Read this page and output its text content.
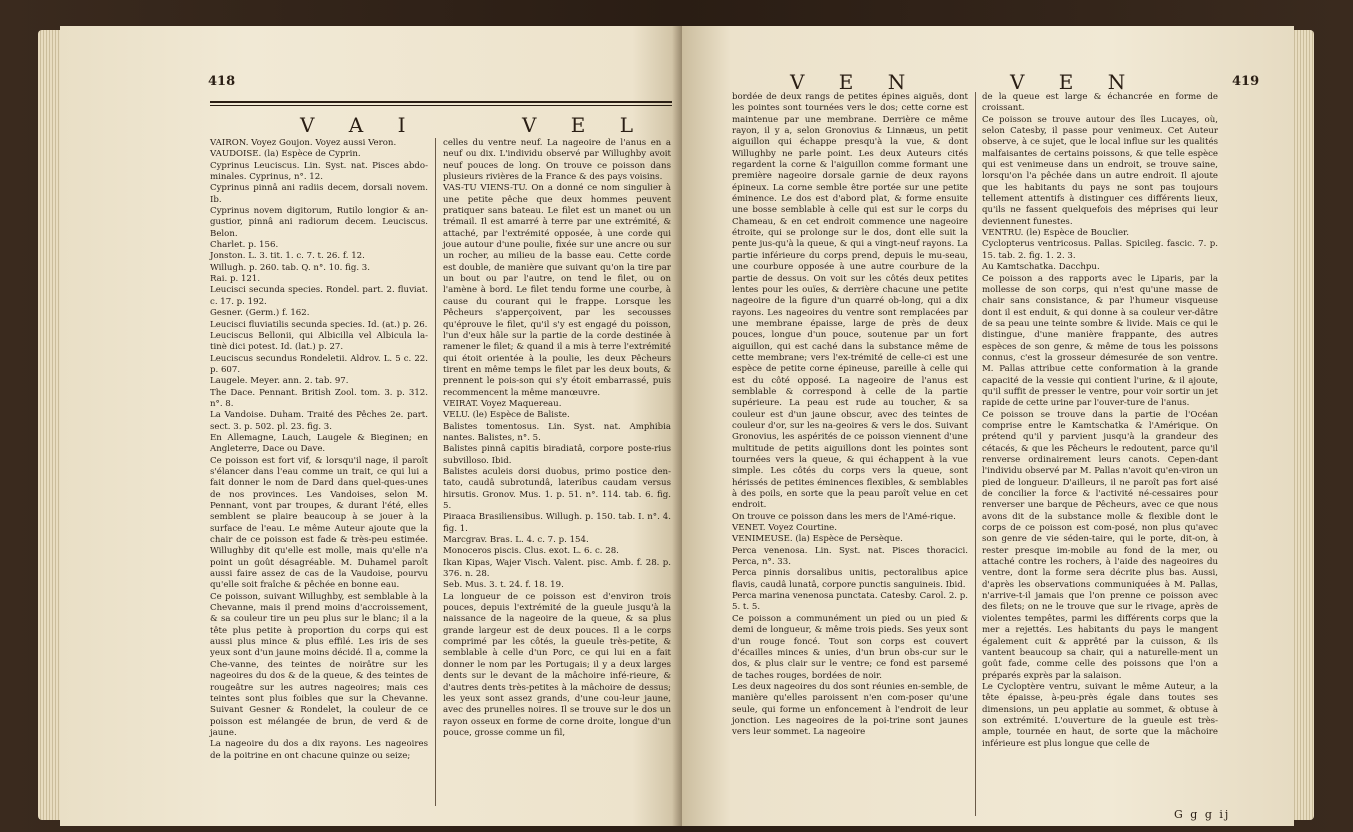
418
V A I	V E L

VAIRON. Voyez Goujon. Voyez aussi Veron.

VAUDOISE. (la) Espèce de Cyprin.

Cyprinus Leuciscus. Lin. Syst. nat. Pisces abdo-minales. Cyprinus, n°. 12.

Cyprinus pinnâ ani radiis decem, dorsali novem. Ib.

Cyprinus novem digitorum, Rutilo longior & an-gustior, pinnâ ani radiorum decem. Leuciscus. Belon.

Charlet. p. 156.

Jonston. L. 3. tit. 1. c. 7. t. 26. f. 12.

Willugh. p. 260. tab. Q. n°. 10. fig. 3.

Rai. p. 121.

Leucisci secunda species. Rondel. part. 2. fluviat. c. 17. p. 192.

Gesner. (Germ.) f. 162.

Leucisci fluviatilis secunda species. Id. (at.) p. 26.

Leuciscus Bellonii, qui Albicilla vel Albicula la-tinè dici potest. Id. (lat.) p. 27.

Leuciscus secundus Rondeletii. Aldrov. L. 5 c. 22. p. 607.

Laugele. Meyer. ann. 2. tab. 97.

The Dace. Pennant. British Zool. tom. 3. p. 312. n°. 8.

La Vandoise. Duham. Traité des Pêches 2e. part. sect. 3. p. 502. pl. 23. fig. 3.

En Allemagne, Lauch, Laugele & Bieginen; en Angleterre, Dace ou Dave.

Ce poisson est fort vif, & lorsqu'il nage, il paroît s'élancer dans l'eau comme un trait, ce qui lui a fait donner le nom de Dard dans quel-ques-unes de nos provinces. Les Vandoises, selon M. Pennant, vont par troupes, & durant l'été, elles semblent se plaire beaucoup à se jouer à la surface de l'eau. Le même Auteur ajoute que la chair de ce poisson est fade & très-peu estimée. Willughby dit qu'elle est molle, mais qu'elle n'a point un goût désagréable. M. Duhamel paroît aussi faire assez de cas de la Vaudoise, pourvu qu'elle soit fraîche & pêchée en bonne eau.

Ce poisson, suivant Willughby, est semblable à la Chevanne, mais il prend moins d'accroissement, & sa couleur tire un peu plus sur le blanc; il a la tête plus petite à proportion du corps qui est aussi plus mince & plus effilé. Les iris de ses yeux sont d'un jaune moins décidé. Il a, comme la Che-vanne, des teintes de noirâtre sur les nageoires du dos & de la queue, & des teintes de rougeâtre sur les autres nageoires; mais ces teintes sont plus foibles que sur la Chevanne. Suivant Gesner & Rondelet, la couleur de ce poisson est mélangée de brun, de verd & de jaune.

La nageoire du dos a dix rayons. Les nageoires de la poitrine en ont chacune quinze ou seize;

celles du ventre neuf. La nageoire de l'anus en a neuf ou dix. L'individu observé par Willughby avoit neuf pouces de long. On trouve ce poisson dans plusieurs rivières de la France & des pays voisins.

VAS-TU VIENS-TU. On a donné ce nom singulier à une petite pêche que deux hommes peuvent pratiquer sans bateau. Le filet est un manet ou un trémail. Il est amarré à terre par une extrémité, & attaché, par l'extrémité opposée, à une corde qui joue autour d'une poulie, fixée sur une ancre ou sur un rocher, au milieu de la basse eau. Cette corde est double, de manière que suivant qu'on la tire par un bout ou par l'autre, on tend le filet, ou on l'amène à bord. Le filet tendu forme une courbe, à cause du courant qui le frappe. Lorsque les Pêcheurs s'apperçoivent, par les secousses qu'éprouve le filet, qu'il s'y est engagé du poisson, l'un d'eux hâle sur la partie de la corde destinée à ramener le filet; & quand il a mis à terre l'extrémité qui étoit orientée à la poulie, les deux Pêcheurs tirent en même temps le filet par les deux bouts, & prennent le pois-son qui s'y étoit embarrassé, puis recommencent la même manœuvre.

VEIRAT. Voyez Maquereau.

VELU. (le) Espèce de Baliste.

Balistes tomentosus. Lin. Syst. nat. Amphibia nantes. Balistes, n°. 5.

Balistes pinnâ capitis biradiatâ, corpore poste-rius subvilloso. Ibid.

Balistes aculeis dorsi duobus, primo postice den-tato, caudâ subrotundâ, lateribus caudam versus hirsutis. Gronov. Mus. 1. p. 51. n°. 114. tab. 6. fig. 5.

Piraaca Brasiliensibus. Willugh. p. 150. tab. I. n°. 4. fig. 1.

Marcgrav. Bras. L. 4. c. 7. p. 154.

Monoceros piscis. Clus. exot. L. 6. c. 28.

Ikan Kipas, Wajer Visch. Valent. pisc. Amb. f. 28. p. 376. n. 28.

Seb. Mus. 3. t. 24. f. 18. 19.

La longueur de ce poisson est d'environ trois pouces, depuis l'extrémité de la gueule jusqu'à la naissance de la nageoire de la queue, & sa plus grande largeur est de deux pouces. Il a le corps comprimé par les côtés, la gueule très-petite, & semblable à celle d'un Porc, ce qui lui en a fait donner le nom par les Portugais; il y a deux larges dents sur le devant de la mâchoire infé-rieure, & d'autres dents très-petites à la mâchoire de dessus; les yeux sont assez grands, d'une cou-leur jaune, avec des prunelles noires. Il se trouve sur le dos un rayon osseux en forme de corne droite, longue d'un pouce, grosse comme un fil,

V E N	V E N	419

bordée de deux rangs de petites épines aiguës, dont les pointes sont tournées vers le dos; cette corne est maintenue par une membrane. Derrière ce même rayon, il y a, selon Gronovius & Linnæus, un petit aiguillon qui échappe presqu'à la vue, & dont Willughby ne parle point. Les deux Auteurs cités regardent la corne & l'aiguillon comme formant une première nageoire dorsale garnie de deux rayons épineux. La corne semble être portée sur une petite éminence. Le dos est d'abord plat, & forme ensuite une bosse semblable à celle qui est sur le corps du Chameau, & en cet endroit commence une nageoire étroite, qui se prolonge sur le dos, dont elle suit la pente jus-qu'à la queue, & qui a vingt-neuf rayons. La partie inférieure du corps prend, depuis le mu-seau, une courbure opposée à une autre courbure de la partie de dessus. On voit sur les côtés deux petites lentes pour les ouïes, & derrière chacune une petite nageoire de la figure d'un quarré ob-long, qui a dix rayons. Les nageoires du ventre sont remplacées par une membrane épaisse, large de près de deux pouces, longue d'un pouce, soutenue par un fort aiguillon, qui est caché dans la substance même de cette membrane; vers l'ex-trémité de celle-ci est une espèce de petite corne épineuse, pareille à celle qui est du côté opposé. La nageoire de l'anus est semblable & correspond à celle de la partie supérieure. La peau est rude au toucher, & sa couleur est d'un jaune obscur, avec des teintes de couleur d'or, sur les na-geoires & vers le dos. Suivant Gronovius, les aspérités de ce poisson viennent d'une multitude de petits aiguillons dont les pointes sont tournées vers la queue, & qui échappent à la vue simple. Les côtés du corps vers la queue, sont hérissés de petites éminences flexibles, & semblables à des poils, en sorte que la peau paroît velue en cet endroit.

On trouve ce poisson dans les mers de l'Amé-rique.

VENET. Voyez Courtine.

VENIMEUSE. (la) Espèce de Persèque.

Perca venenosa. Lin. Syst. nat. Pisces thoracici. Perca, n°. 33.

Perca pinnis dorsalibus unitis, pectoralibus apice flavis, caudâ lunatâ, corpore punctis sanguineis. Ibid.

Perca marina venenosa punctata. Catesby. Carol. 2. p. 5. t. 5.

Ce poisson a communément un pied ou un pied & demi de longueur, & même trois pieds. Ses yeux sont d'un rouge foncé. Tout son corps est couvert d'écailles minces & unies, d'un brun obs-cur sur le dos, & plus clair sur le ventre; ce fond est parsemé de taches rouges, bordées de noir.

Les deux nageoires du dos sont réunies en-semble, de manière qu'elles paroissent n'en com-poser qu'une seule, qui forme un enfoncement à l'endroit de leur jonction. Les nageoires de la poi-trine sont jaunes vers leur sommet. La nageoire

de la queue est large & échancrée en forme de croissant.

Ce poisson se trouve autour des îles Lucayes, où, selon Catesby, il passe pour venimeux. Cet Auteur observe, à ce sujet, que le local influe sur les qualités malfaisantes de certains poissons, & que telle espèce qui est venimeuse dans un endroit, se trouve saine, lorsqu'on l'a pêchée dans un autre endroit. Il ajoute que les habitants du pays ne sont pas toujours tellement attentifs à distinguer ces différents lieux, qu'ils ne fassent quelquefois des méprises qui leur deviennent funestes.

VENTRU. (le) Espèce de Bouclier.

Cyclopterus ventricosus. Pallas. Spicileg. fascic. 7. p. 15. tab. 2. fig. 1. 2. 3.

Au Kamtschatka. Dacchpu.

Ce poisson a des rapports avec le Liparis, par la mollesse de son corps, qui n'est qu'une masse de chair sans consistance, & par l'humeur visqueuse dont il est enduit, & qui donne à sa couleur ver-dâtre de sa peau une teinte sombre & livide. Mais ce qui le distingue, d'une manière frappante, des autres espèces de son genre, & même de tous les poissons connus, c'est la grosseur démesurée de son ventre. M. Pallas attribue cette conformation à la grande capacité de la vessie qui contient l'urine, & il ajoute, qu'il suffit de presser le ventre, pour voir sortir un jet rapide de cette urine par l'ouver-ture de l'anus.

Ce poisson se trouve dans la partie de l'Océan comprise entre le Kamtschatka & l'Amérique. On prétend qu'il y parvient jusqu'à la grandeur des cétacés, & que les Pêcheurs le redoutent, parce qu'il renverse ordinairement leurs canots. Cepen-dant l'individu observé par M. Pallas n'avoit qu'en-viron un pied de longueur. D'ailleurs, il ne paroît pas fort aisé de concilier la force & l'activité né-cessaires pour renverser une barque de Pêcheurs, avec ce que nous avons dit de la substance molle & flexible dont le corps de ce poisson est com-posé, non plus qu'avec son genre de vie séden-taire, qui le porte, dit-on, à rester presque im-mobile au fond de la mer, ou attaché contre les rochers, à l'aide des nageoires du ventre, dont la forme sera décrite plus bas. Aussi, d'après les observations communiquées à M. Pallas, n'arrive-t-il jamais que l'on prenne ce poisson avec des filets; on ne le trouve que sur le rivage, après de violentes tempêtes, parmi les différents corps que la mer a rejettés. Les habitants du pays le mangent également cuit & apprêté par la cuisson, & ils vantent beaucoup sa chair, qui a naturelle-ment un goût fade, comme celle des poissons que l'on a préparés exprès par la salaison.

Le Cycloptère ventru, suivant le même Auteur, a la tête épaisse, à-peu-près égale dans toutes ses dimensions, un peu applatie au sommet, & obtuse à son extrémité. L'ouverture de la gueule est très-ample, tournée en haut, de sorte que la mâchoire inférieure est plus longue que celle de

G g g ij
